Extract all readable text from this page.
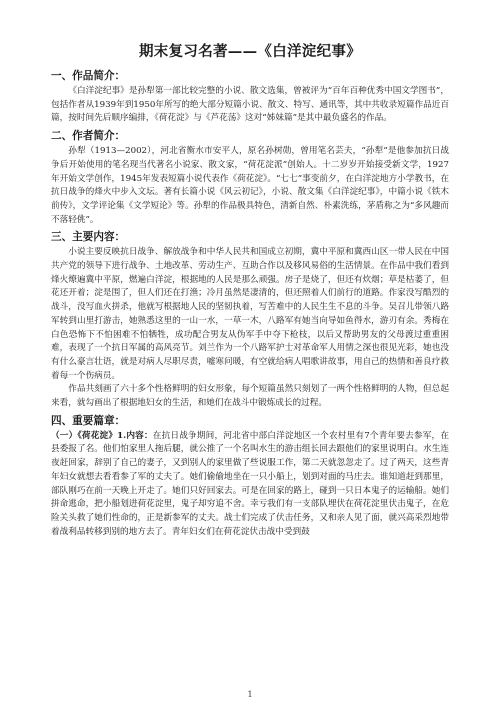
期末复习名著——《白洋淀纪事》
一、作品简介：

《白洋淀纪事》是孙犁第一部比较完整的小说、散文选集，曾被评为“百年百种优秀中国文学图书”，包括作者从1939年到1950年所写的绝大部分短篇小说、散文、特写、通讯等，其中共收录短篇作品近百篇，按时间先后顺序编排，《荷花淀》与《芦花荡》这对“姊妹篇”是其中最负盛名的作品。

二、作者简介：

孙犁（1913—2002），河北省衡水市安平人，原名孙树勋，曾用笔名芸夫，“孙犁”是他参加抗日战争后开始使用的笔名现当代著名小说家、散文家，“荷花淀派”创始人。十二岁岁开始接受新文学，1927年开始文学创作，1945年发表短篇小说代表作《荷花淀》。“七七”事变前夕，在白洋淀地方小学教书，在抗日战争的烽火中步入文坛。著有长篇小说《风云初记》，小说、散文集《白洋淀纪事》，中篇小说《铁木前传》，文学评论集《文学短论》等。孙犁的作品极具特色，清新自然、朴素洗练，茅盾称之为“多风趣而不落轻佻”。

三、主要内容：

小说主要反映抗日战争、解放战争和中华人民共和国成立初期，冀中平原和冀西山区一带人民在中国共产党的领导下进行战争、土地改革、劳动生产、互助合作以及移风易俗的生活情景。在作品中我们看到烽火燎遍冀中平原，燃遍白洋淀，根据地的人民是那么顽强。房子是烧了，但还有炊烟；草是枯萎了，但花还开着；淀是围了，但人们还在打渔；冷月虽然是凄清的，但还照着人们前行的道路。作家没写酷烈的战斗，没写血火拼杀，他就写根据地人民的坚韧执着，写苦难中的人民生生不息的斗争。吴召儿带领八路军转到山里打游击，她熟悉这里的一山一水，一草一木，八路军有她当向导如鱼得水，游刃有余。秀梅在白色恐怖下不怕困难不怕牺牲，成功配合男友从伪军手中夺下枪枝，以后又帮助男友的父母渡过重重困难，表现了一个抗日军属的高风亮节。刘兰作为一个八路军护士对革命军人用情之深也很见光彩，她也没有什么豪言壮语，就是对病人尽职尽责，嘘寒问暖，有空就给病人唱歌讲故事，用自己的热情和善良疗救着每一个伤病员。

作品共刻画了六十多个性格鲜明的妇女形象，每个短篇虽然只刻划了一两个性格鲜明的人物，但总起来看，就勾画出了根据地妇女的生活，和她们在战斗中锻炼成长的过程。

四、重要篇章：
（一）《荷花淀》1.内容：在抗日战争期间，河北省中部白洋淀地区一个农村里有7个青年要去参军，在县委报了名。他们怕家里人拖后腿，就公推了一个名叫水生的游击组长回去跟他们的家里说明白。水生连夜赶回家，辞别了自己的妻子，又到别人的家里做了些说服工作，第二天就忽忽走了。过了两天，这些青年妇女就想去看看参了军的丈夫了。她们偷偷地坐在一只小船上，划到对面的马庄去。谁知道赶到那里，部队刚巧在前一天晚上开走了。她们只好回家去。可是在回家的路上，碰到一只日本鬼子的运输船。她们拼命逃命，把小船划进荷花淀里，鬼子却穷追不舍。幸亏我们有一支部队埋伏在荷花淀里伏击鬼子，在危险关头救了她们性命的，正是新参军的丈夫。战士们完成了伏击任务，又和亲人见了面，就兴高采烈地带着战利品转移到别的地方去了。青年妇女们在荷花淀伏击战中受到鼓
1
